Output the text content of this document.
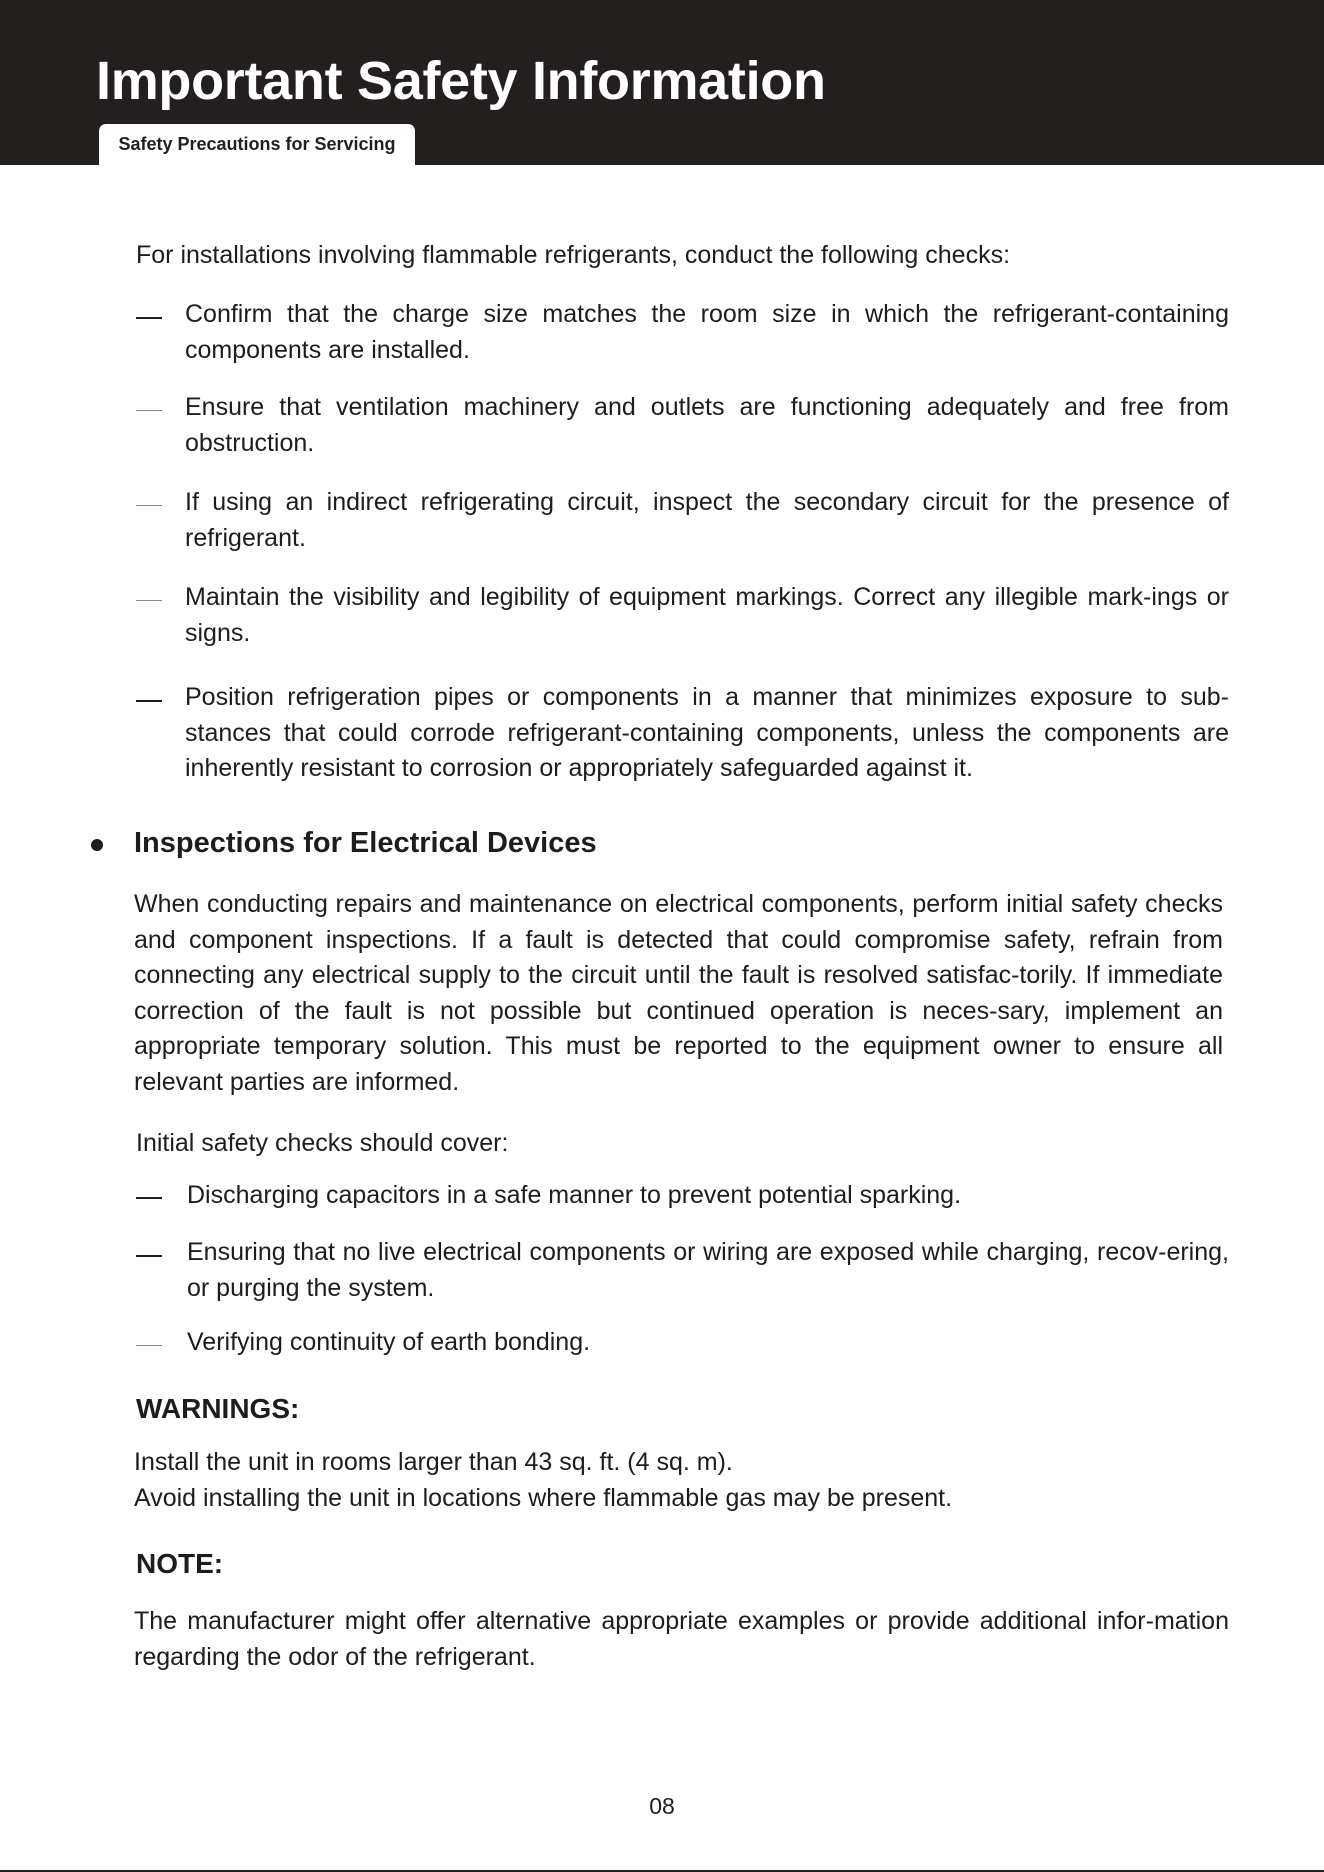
Important Safety Information
Safety Precautions for Servicing
For installations involving flammable refrigerants, conduct the following checks:
Confirm that the charge size matches the room size in which the refrigerant-containing components are installed.
Ensure that ventilation machinery and outlets are functioning adequately and free from obstruction.
If using an indirect refrigerating circuit, inspect the secondary circuit for the presence of refrigerant.
Maintain the visibility and legibility of equipment markings. Correct any illegible mark-ings or signs.
Position refrigeration pipes or components in a manner that minimizes exposure to sub-stances that could corrode refrigerant-containing components, unless the components are inherently resistant to corrosion or appropriately safeguarded against it.
Inspections for Electrical Devices
When conducting repairs and maintenance on electrical components, perform initial safety checks and component inspections. If a fault is detected that could compromise safety, refrain from connecting any electrical supply to the circuit until the fault is resolved satisfac-torily. If immediate correction of the fault is not possible but continued operation is neces-sary, implement an appropriate temporary solution. This must be reported to the equipment owner to ensure all relevant parties are informed.
Initial safety checks should cover:
Discharging capacitors in a safe manner to prevent potential sparking.
Ensuring that no live electrical components or wiring are exposed while charging, recov-ering, or purging the system.
Verifying continuity of earth bonding.
WARNINGS:
Install the unit in rooms larger than 43 sq. ft. (4 sq. m).
Avoid installing the unit in locations where flammable gas may be present.
NOTE:
The manufacturer might offer alternative appropriate examples or provide additional infor-mation regarding the odor of the refrigerant.
08
